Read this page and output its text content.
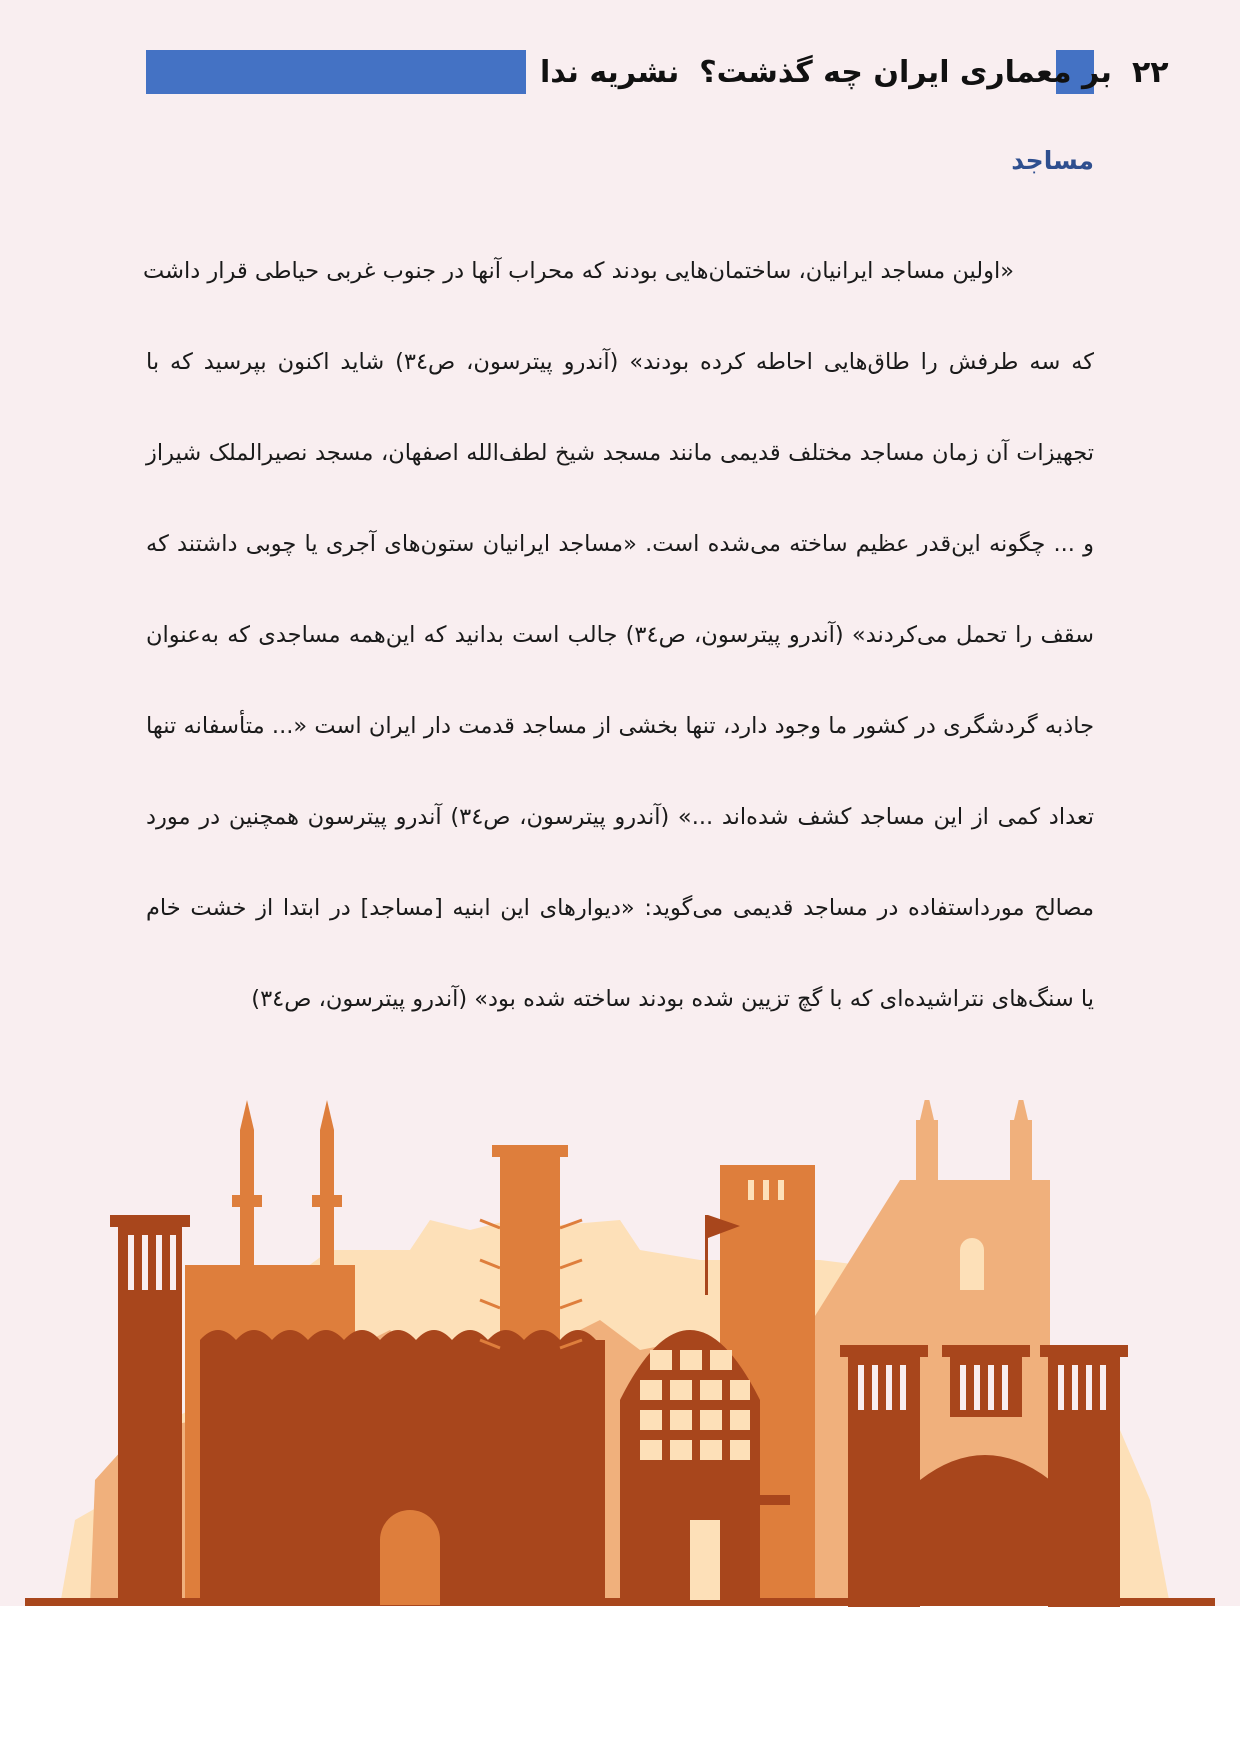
نشریه ندا بر معماری ایران چه گذشت؟ ۲۲
مساجد
«اولین مساجد ایرانیان، ساختمان‌هایی بودند که محراب آنها در جنوب غربی حیاطی قرار داشت
که سه طرفش را طاق‌هایی احاطه کرده بودند» (آندرو پیترسون، ص۳٤) شاید اکنون بپرسید که با
تجهیزات آن زمان مساجد مختلف قدیمی مانند مسجد شیخ لطف‌الله اصفهان، مسجد نصیرالملک شیراز
و ... چگونه این‌قدر عظیم ساخته می‌شده است. «مساجد ایرانیان ستون‌های آجری یا چوبی داشتند که
سقف را تحمل می‌کردند» (آندرو پیترسون، ص۳٤) جالب است بدانید که این‌همه مساجدی که به‌عنوان
جاذبه گردشگری در کشور ما وجود دارد، تنها بخشی از مساجد قدمت دار ایران است «... متأسفانه تنها
تعداد کمی از این مساجد کشف شده‌اند ...» (آندرو پیترسون، ص۳٤) آندرو پیترسون همچنین در مورد
مصالح مورداستفاده در مساجد قدیمی می‌گوید: «دیوارهای این ابنیه [مساجد] در ابتدا از خشت خام
یا سنگ‌های نتراشیده‌ای که با گچ تزیین شده بودند ساخته شده بود» (آندرو پیترسون، ص۳٤)
